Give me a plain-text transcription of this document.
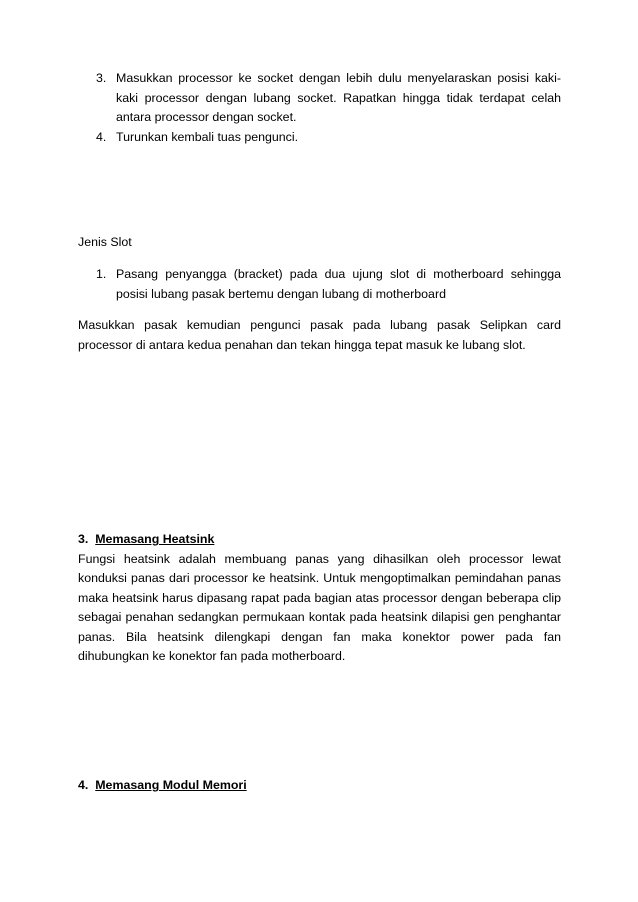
3. Masukkan processor ke socket dengan lebih dulu menyelaraskan posisi kaki-kaki processor dengan lubang socket. Rapatkan hingga tidak terdapat celah antara processor dengan socket.
4. Turunkan kembali tuas pengunci.

Jenis Slot

1. Pasang penyangga (bracket) pada dua ujung slot di motherboard sehingga posisi lubang pasak bertemu dengan lubang di motherboard

Masukkan pasak kemudian pengunci pasak pada lubang pasak Selipkan card processor di antara kedua penahan dan tekan hingga tepat masuk ke lubang slot.

3. Memasang Heatsink

Fungsi heatsink adalah membuang panas yang dihasilkan oleh processor lewat konduksi panas dari processor ke heatsink. Untuk mengoptimalkan pemindahan panas maka heatsink harus dipasang rapat pada bagian atas processor dengan beberapa clip sebagai penahan sedangkan permukaan kontak pada heatsink dilapisi gen penghantar panas. Bila heatsink dilengkapi dengan fan maka konektor power pada fan dihubungkan ke konektor fan pada motherboard.

4. Memasang Modul Memori
